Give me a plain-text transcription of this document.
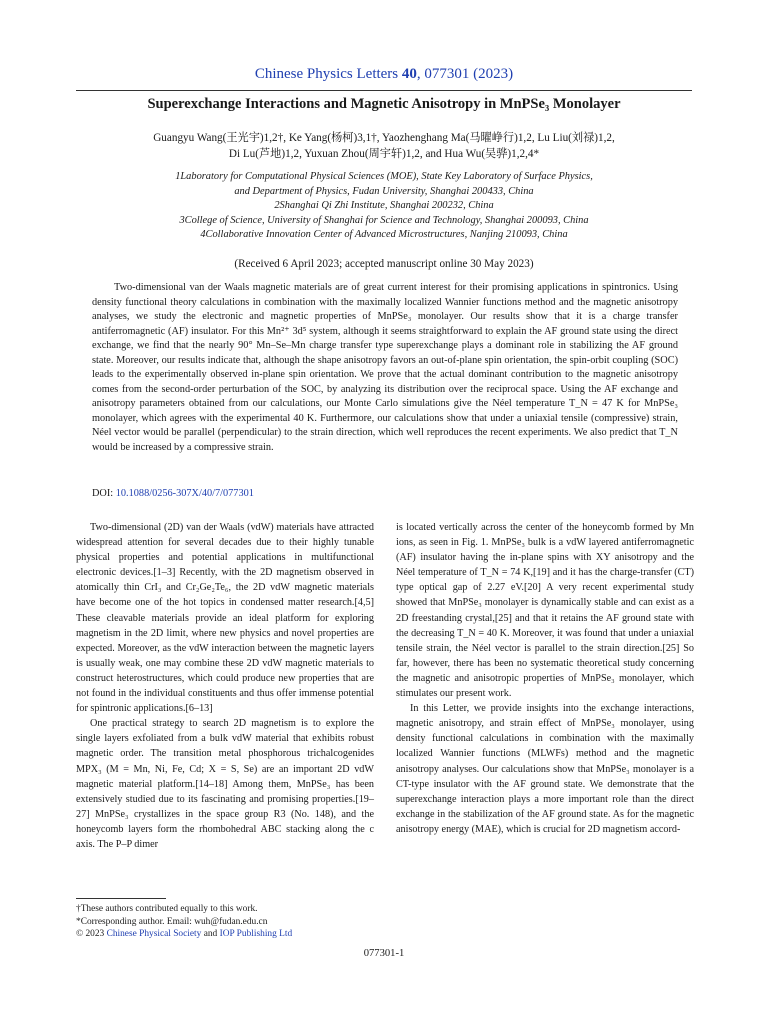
Chinese Physics Letters 40, 077301 (2023)
Superexchange Interactions and Magnetic Anisotropy in MnPSe₃ Monolayer
Guangyu Wang(王光宇)1,2†, Ke Yang(杨柯)3,1†, Yaozhenghang Ma(马曜峥行)1,2, Lu Liu(刘禄)1,2,
Di Lu(芦地)1,2, Yuxuan Zhou(周宇轩)1,2, and Hua Wu(吴骅)1,2,4*
1Laboratory for Computational Physical Sciences (MOE), State Key Laboratory of Surface Physics,
and Department of Physics, Fudan University, Shanghai 200433, China
2Shanghai Qi Zhi Institute, Shanghai 200232, China
3College of Science, University of Shanghai for Science and Technology, Shanghai 200093, China
4Collaborative Innovation Center of Advanced Microstructures, Nanjing 210093, China
(Received 6 April 2023; accepted manuscript online 30 May 2023)
Two-dimensional van der Waals magnetic materials are of great current interest for their promising applications in spintronics. Using density functional theory calculations in combination with the maximally localized Wannier functions method and the magnetic anisotropy analyses, we study the electronic and magnetic properties of MnPSe₃ monolayer. Our results show that it is a charge transfer antiferromagnetic (AF) insulator. For this Mn²⁺ 3d⁵ system, although it seems straightforward to explain the AF ground state using the direct exchange, we find that the nearly 90° Mn–Se–Mn charge transfer type superexchange plays a dominant role in stabilizing the AF ground state. Moreover, our results indicate that, although the shape anisotropy favors an out-of-plane spin orientation, the spin-orbit coupling (SOC) leads to the experimentally observed in-plane spin orientation. We prove that the actual dominant contribution to the magnetic anisotropy comes from the second-order perturbation of the SOC, by analyzing its distribution over the reciprocal space. Using the AF exchange and anisotropy parameters obtained from our calculations, our Monte Carlo simulations give the Néel temperature T_N = 47 K for MnPSe₃ monolayer, which agrees with the experimental 40 K. Furthermore, our calculations show that under a uniaxial tensile (compressive) strain, Néel vector would be parallel (perpendicular) to the strain direction, which well reproduces the recent experiments. We also predict that T_N would be increased by a compressive strain.
DOI: 10.1088/0256-307X/40/7/077301

Two-dimensional (2D) van der Waals (vdW) materials have attracted widespread attention for several decades due to their highly tunable physical properties and potential applications in multifunctional electronic devices.[1–3] Recently, with the 2D magnetism observed in atomically thin CrI₃ and Cr₂Ge₂Te₆, the 2D vdW magnetic materials have become one of the hot topics in condensed matter research.[4,5] These cleavable materials provide an ideal platform for exploring magnetism in the 2D limit, where new physics and novel properties are expected. Moreover, as the vdW interaction between the magnetic layers is usually weak, one may combine these 2D vdW magnetic materials to construct heterostructures, which could produce new properties that are not found in the individual constituents and thus offer immense potential for spintronic applications.[6–13]

One practical strategy to search 2D magnetism is to explore the single layers exfoliated from a bulk vdW material that exhibits robust magnetic order. The transition metal phosphorous trichalcogenides MPX₃ (M = Mn, Ni, Fe, Cd; X = S, Se) are an important 2D vdW magnetic material platform.[14–18] Among them, MnPSe₃ has been extensively studied due to its fascinating and promising properties.[19–27] MnPSe₃ crystallizes in the space group R3 (No. 148), and the honeycomb layers form the rhombohedral ABC stacking along the c axis. The P–P dimer

is located vertically across the center of the honeycomb formed by Mn ions, as seen in Fig. 1. MnPSe₃ bulk is a vdW layered antiferromagnetic (AF) insulator having the in-plane spins with XY anisotropy and the Néel temperature of T_N = 74 K,[19] and it has the charge-transfer (CT) type optical gap of 2.27 eV.[20] A very recent experimental study showed that MnPSe₃ monolayer is dynamically stable and can exist as a 2D freestanding crystal,[25] and that it retains the AF ground state with the decreasing T_N = 40 K. Moreover, it was found that under a uniaxial tensile strain, the Néel vector is parallel to the strain direction.[25] So far, however, there has been no systematic theoretical study concerning the magnetic and anisotropic properties of MnPSe₃ monolayer, which stimulates our present work.

In this Letter, we provide insights into the exchange interactions, magnetic anisotropy, and strain effect of MnPSe₃ monolayer, using density functional calculations in combination with the maximally localized Wannier functions (MLWFs) method and the magnetic anisotropy analyses. Our calculations show that MnPSe₃ monolayer is a CT-type insulator with the AF ground state. We demonstrate that the superexchange interaction plays a more important role than the direct exchange in the stabilization of the AF ground state. As for the magnetic anisotropy energy (MAE), which is crucial for 2D magnetism accord-

†These authors contributed equally to this work.
*Corresponding author. Email: wuh@fudan.edu.cn
© 2023 Chinese Physical Society and IOP Publishing Ltd
077301-1
